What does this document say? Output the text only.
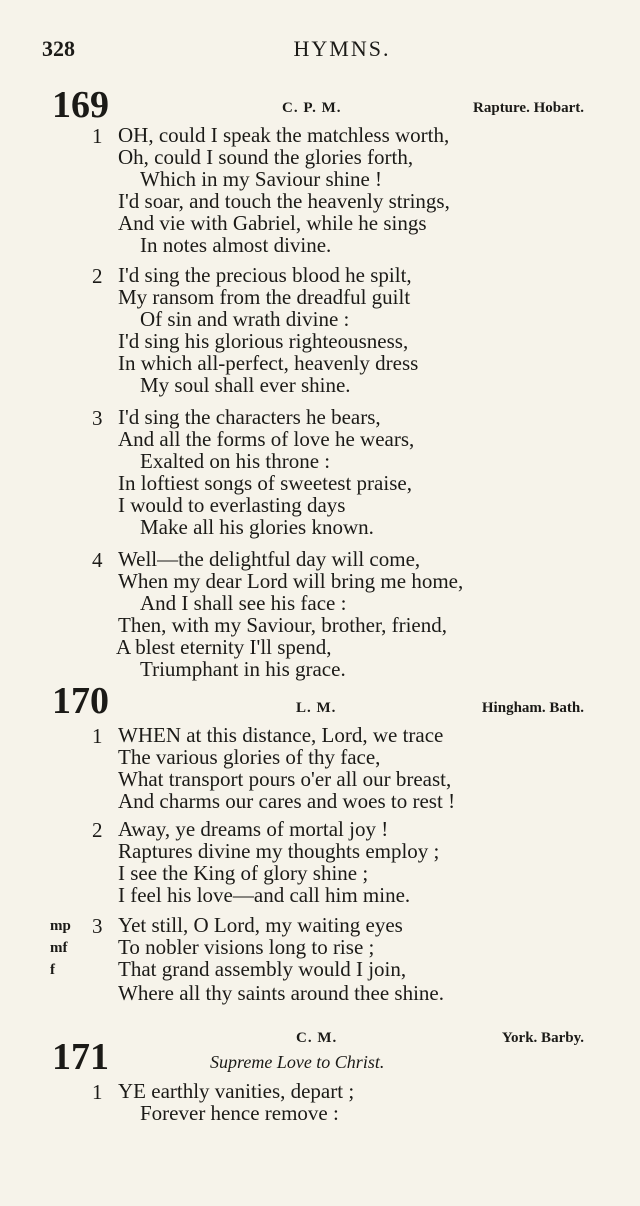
328	HYMNS.
169	C. P. M.	Rapture. Hobart.
1 OH, could I speak the matchless worth,
Oh, could I sound the glories forth,
Which in my Saviour shine !
I'd soar, and touch the heavenly strings,
And vie with Gabriel, while he sings
In notes almost divine.
2 I'd sing the precious blood he spilt,
My ransom from the dreadful guilt
Of sin and wrath divine :
I'd sing his glorious righteousness,
In which all-perfect, heavenly dress
My soul shall ever shine.
3 I'd sing the characters he bears,
And all the forms of love he wears,
Exalted on his throne :
In loftiest songs of sweetest praise,
I would to everlasting days
Make all his glories known.
4 Well—the delightful day will come,
When my dear Lord will bring me home,
And I shall see his face :
Then, with my Saviour, brother, friend,
A blest eternity I'll spend,
Triumphant in his grace.
170	L. M.	Hingham. Bath.
1 WHEN at this distance, Lord, we trace
The various glories of thy face,
What transport pours o'er all our breast,
And charms our cares and woes to rest !
2 Away, ye dreams of mortal joy !
Raptures divine my thoughts employ ;
I see the King of glory shine ;
I feel his love—and call him mine.
mp
mf
f
3 Yet still, O Lord, my waiting eyes
To nobler visions long to rise ;
That grand assembly would I join,
Where all thy saints around thee shine.
C. M.	York. Barby.
171	Supreme Love to Christ.
1 YE earthly vanities, depart ;
Forever hence remove :
